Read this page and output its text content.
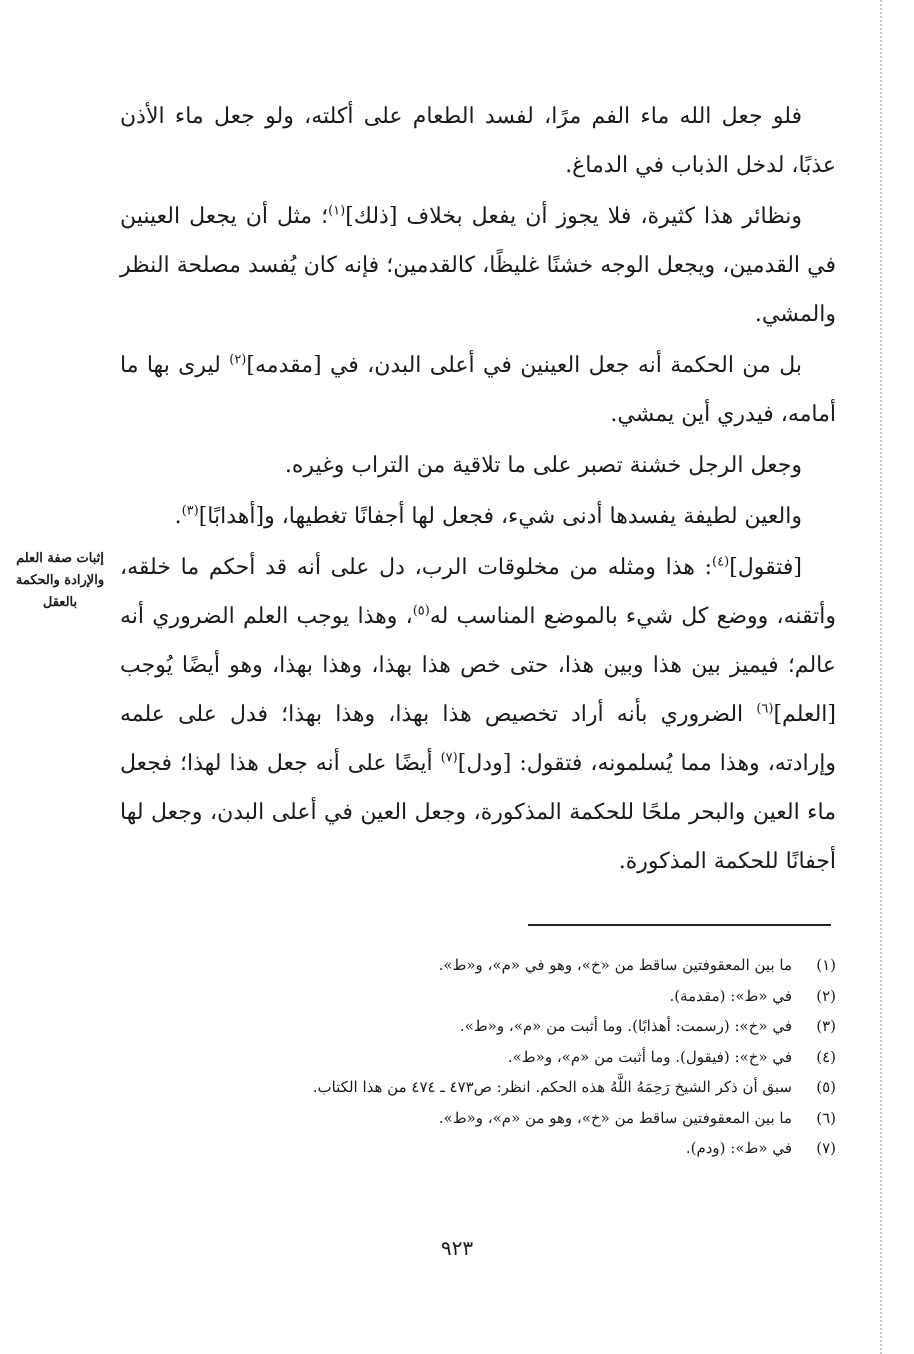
فلو جعل الله ماء الفم مرًا، لفسد الطعام على أكلته، ولو جعل ماء الأذن عذبًا، لدخل الذباب في الدماغ.

ونظائر هذا كثيرة، فلا يجوز أن يفعل بخلاف [ذلك]$^{(١)}$؛ مثل أن يجعل العينين في القدمين، ويجعل الوجه خشنًا غليظًا، كالقدمين؛ فإنه كان يُفسد مصلحة النظر والمشي.

بل من الحكمة أنه جعل العينين في أعلى البدن، في [مقدمه]$^{(٢)}$ ليرى بها ما أمامه، فيدري أين يمشي.

وجعل الرجل خشنة تصبر على ما تلاقية من التراب وغيره.

والعين لطيفة يفسدها أدنى شيء، فجعل لها أجفانًا تغطيها، و[أهدابًا]$^{(٣)}$.

[فتقول]$^{(٤)}$: هذا ومثله من مخلوقات الرب، دل على أنه قد أحكم ما خلقه، وأتقنه، ووضع كل شيء بالموضع المناسب له$^{(٥)}$، وهذا يوجب العلم الضروري أنه عالم؛ فيميز بين هذا وبين هذا، حتى خص هذا بهذا، وهذا بهذا، وهو أيضًا يُوجب [العلم]$^{(٦)}$ الضروري بأنه أراد تخصيص هذا بهذا، وهذا بهذا؛ فدل على علمه وإرادته، وهذا مما يُسلمونه، فتقول: [ودل]$^{(٧)}$ أيضًا على أنه جعل هذا لهذا؛ فجعل ماء العين والبحر ملحًا للحكمة المذكورة، وجعل العين في أعلى البدن، وجعل لها أجفانًا للحكمة المذكورة.

إثبات صفة العلم
والإرادة والحكمة
بالعقل
(١)
ما بين المعقوفتين ساقط من «خ»، وهو في «م»، و«ط».
(٢)
في «ط»: (مقدمة).
(٣)
في «خ»: (رسمت: أهذابًا). وما أثبت من «م»، و«ط».
(٤)
في «خ»: (فيقول). وما أثبت من «م»، و«ط».
(٥)
سبق أن ذكر الشيخ رَحِمَهُ اللَّهُ هذه الحكم. انظر: ص٤٧٣ ـ ٤٧٤ من هذا الكتاب.
(٦)
ما بين المعقوفتين ساقط من «خ»، وهو من «م»، و«ط».
(٧)
في «ط»: (ودم).
٩٢٣
